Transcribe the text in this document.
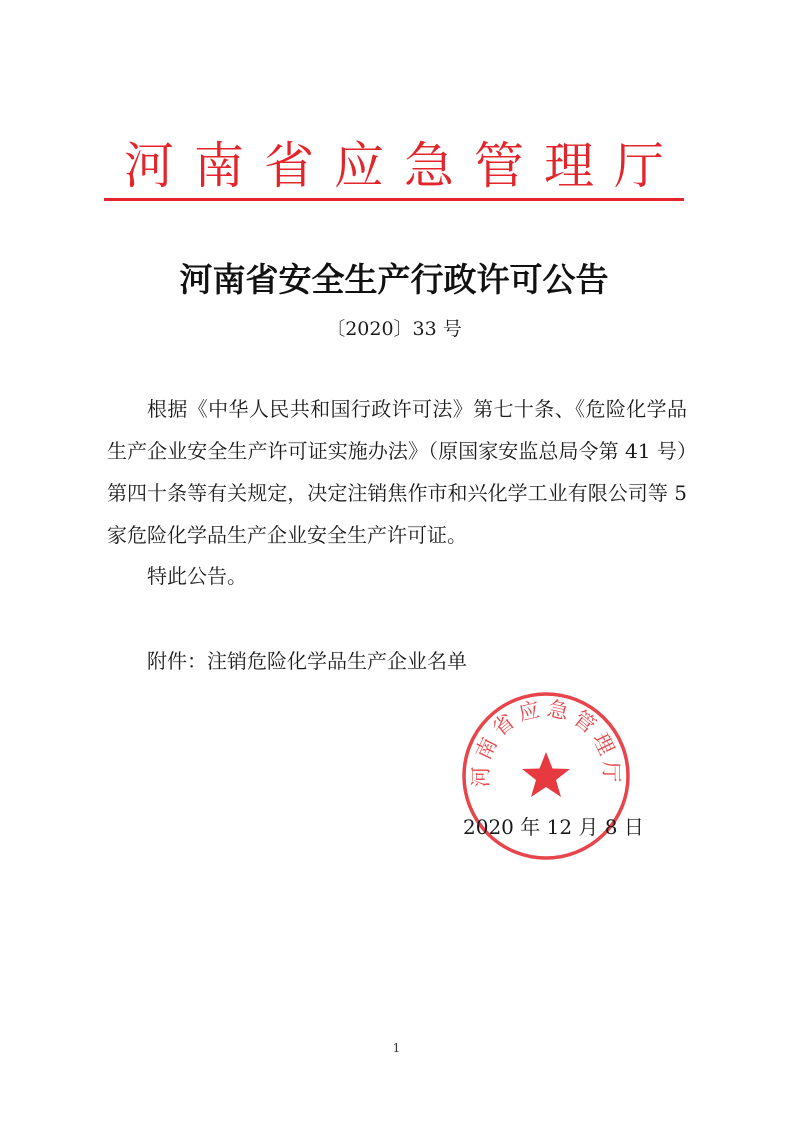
河南省应急管理厅
河南省安全生产行政许可公告
〔2020〕33 号

根据《中华人民共和国行政许可法》第七十条、《危险化学品生产企业安全生产许可证实施办法》（原国家安监总局令第 41 号）第四十条等有关规定，决定注销焦作市和兴化学工业有限公司等 5 家危险化学品生产企业安全生产许可证。

特此公告。
附件：注销危险化学品生产企业名单
河南省应急管理厅
2020 年 12 月 8 日
1
